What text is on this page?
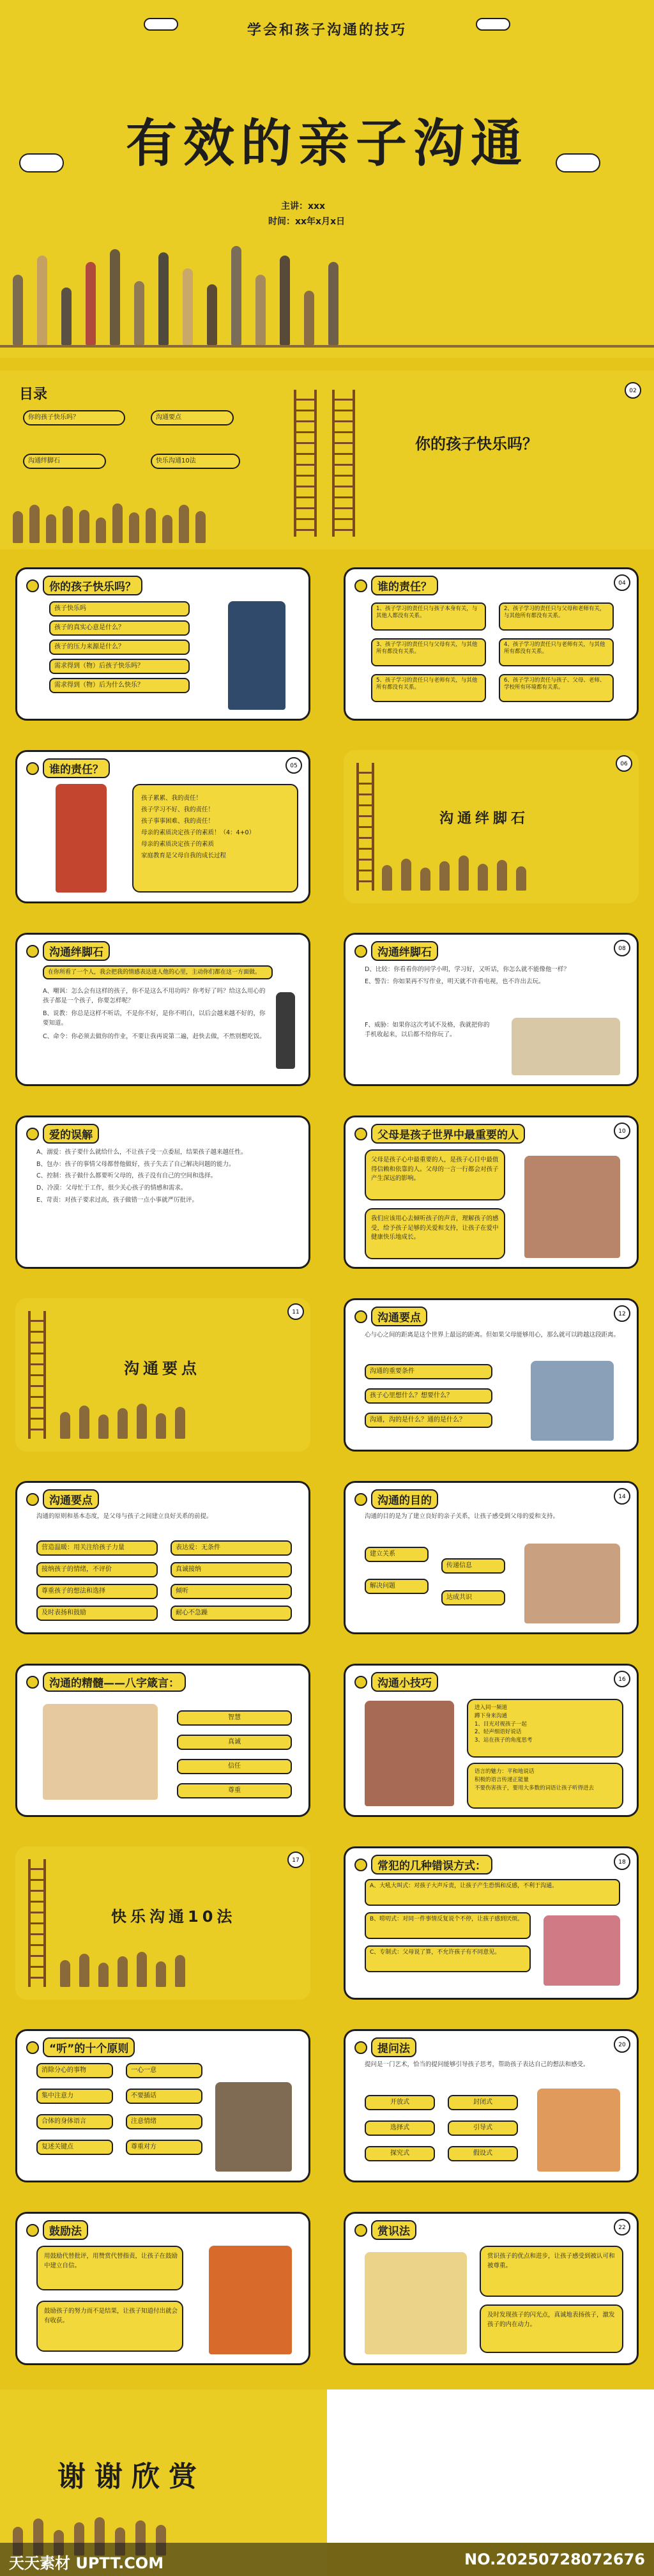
学会和孩子沟通的技巧
有效的亲子沟通
主讲：xxx
时间：xx年x月x日
目录	02
你的孩子快乐吗？	沟通要点
沟通绊脚石	快乐沟通10法
你的孩子快乐吗？
你的孩子快乐吗？
孩子快乐吗
孩子的真实心意是什么？
孩子的压力来源是什么？
需求得到（物）后孩子快乐吗？
需求得到（物）后为什么快乐？
04
谁的责任？
1、孩子学习的责任只与孩子本身有关，与其他人都没有关系。
2、孩子学习的责任只与父母和老师有关，与其他所有都没有关系。
3、孩子学习的责任只与父母有关，与其他所有都没有关系。
4、孩子学习的责任只与老师有关，与其他所有都没有关系。
5、孩子学习的责任只与老师有关，与其他所有都没有关系。
6、孩子学习的责任与孩子、父母、老师、学校所有环境都有关系。
05
谁的责任？
孩子累累、我的责任！
孩子学习不好、我的责任！
孩子事事困难、我的责任！
母亲的素质决定孩子的素质！（4：4+0）
母亲的素质决定孩子的素质
家庭教育是父母自我的成长过程
06
沟通绊脚石
沟通绊脚石
在你所看了一个人，我会把我的情感表达进人他的心里，主动你们都在这一方面做。

A、嘲讽：怎么会有这样的孩子，你不是这么不用功吗？你考好了吗？给这么用心的孩子都是一个孩子，你要怎样呢？

B、说教：你总是这样不听话，不是你不好，是你不明白，以后会越来越不好的，你要知道。

C、命令：你必须去做你的作业，不要让我再说第二遍，赶快去做，不然别想吃饭。

08
沟通绊脚石

D、比较：你看看你的同学小明，学习好，又听话，你怎么就不能像他一样？

E、警告：你如果再不写作业，明天就不许看电视，也不许出去玩。

F、威胁：如果你这次考试不及格，我就把你的手机收起来，以后都不给你玩了。
爱的误解

A、溺爱：孩子要什么就给什么，不让孩子受一点委屈，结果孩子越来越任性。

B、包办：孩子的事情父母都替他做好，孩子失去了自己解决问题的能力。

C、控制：孩子做什么都要听父母的，孩子没有自己的空间和选择。

D、冷漠：父母忙于工作，很少关心孩子的情感和需求。

E、苛责：对孩子要求过高，孩子做错一点小事就严厉批评。

10
父母是孩子世界中最重要的人
父母是孩子心中最重要的人，是孩子心目中最值得信赖和依靠的人。父母的一言一行都会对孩子产生深远的影响。
我们应该用心去倾听孩子的声音，理解孩子的感受，给予孩子足够的关爱和支持，让孩子在爱中健康快乐地成长。
11
沟通要点
12
沟通要点
心与心之间的距离是这个世界上最远的距离。但如果父母能够用心，那么就可以跨越这段距离。
沟通的重要条件
孩子心里想什么？想要什么？
沟通，沟的是什么？通的是什么？
沟通要点
沟通的原则和基本态度，是父母与孩子之间建立良好关系的前提。
营造温暖：用关注给孩子力量	表达爱：无条件
接纳孩子的情绪，不评价	真诚接纳
尊重孩子的想法和选择	倾听
及时表扬和鼓励	耐心不急躁
14
沟通的目的
沟通的目的是为了建立良好的亲子关系，让孩子感受到父母的爱和支持。
建立关系
传递信息
解决问题
达成共识
沟通的精髓——八字箴言：
智慧
真诚
信任
尊重
16
沟通小技巧
进入同一频道
蹲下身来沟通
1、目光对视孩子一起
2、轻声细语好说话
3、站在孩子的角度思考
语言的魅力：平和地说话
积极的语言传递正能量
不要伤害孩子，要用大多数的词语让孩子听得进去
17
快乐沟通10法
18
常犯的几种错误方式：
A、大吼大叫式：对孩子大声斥责，让孩子产生恐惧和反感，不利于沟通。
B、唠叨式：对同一件事情反复说个不停，让孩子感到厌烦。
C、专制式：父母说了算，不允许孩子有不同意见。
“听”的十个原则
消除分心的事物	一心一意
集中注意力	不要插话
合体的身体语言	注意情绪
复述关键点	尊重对方
20
提问法
提问是一门艺术，恰当的提问能够引导孩子思考，帮助孩子表达自己的想法和感受。
开放式	封闭式
选择式	引导式
探究式	假设式
鼓励法
用鼓励代替批评，用赞赏代替指责，让孩子在鼓励中建立自信。
鼓励孩子的努力而不是结果，让孩子知道付出就会有收获。
22
赏识法
赏识孩子的优点和进步，让孩子感受到被认可和被尊重。
及时发现孩子的闪光点，真诚地表扬孩子，激发孩子的内在动力。
谢谢欣赏
天天素材 UPTT.COM	NO.20250728072676
